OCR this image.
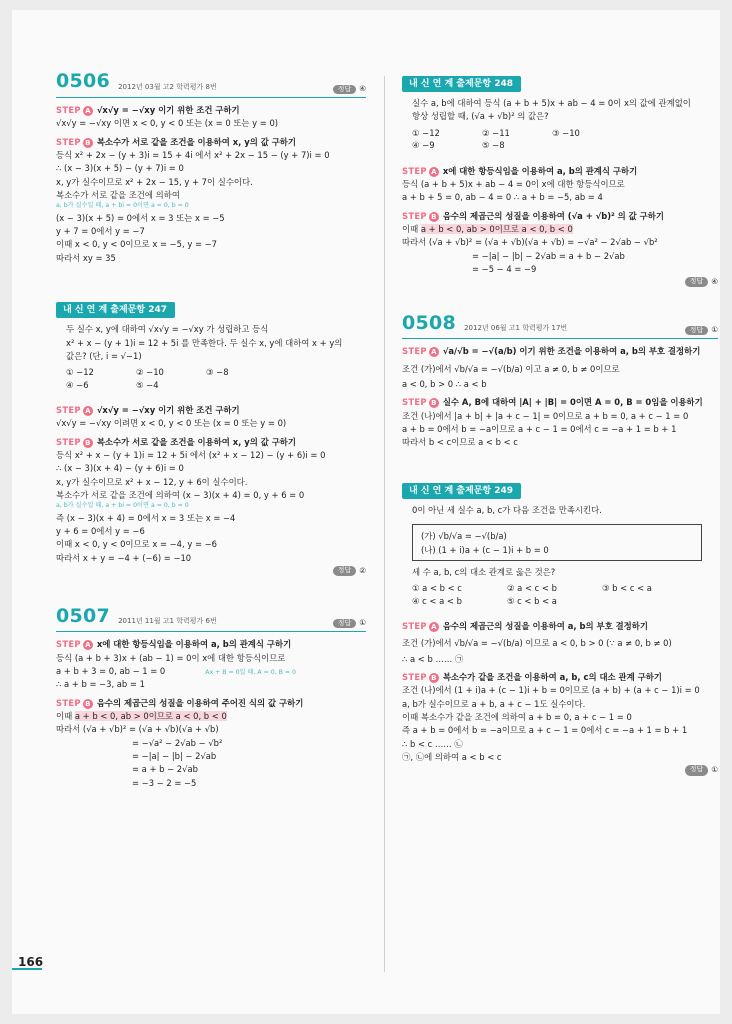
0506 2012년 03월 고2 학력평가 8번	정답 ④
STEP A √x√y = −√xy 이기 위한 조건 구하기
√x√y = −√xy 이면 x < 0, y < 0 또는 (x = 0 또는 y = 0)
STEP B 복소수가 서로 같을 조건을 이용하여 x, y의 값 구하기
등식 x² + 2x − (y + 3)i = 15 + 4i 에서 x² + 2x − 15 − (y + 7)i = 0
∴ (x − 3)(x + 5) − (y + 7)i = 0
x, y가 실수이므로 x² + 2x − 15, y + 7이 실수이다.
복소수가 서로 같을 조건에 의하여
a, b가 실수일 때, a + bi = 0이면 a = 0, b = 0
(x − 3)(x + 5) = 0에서 x = 3 또는 x = −5
y + 7 = 0에서 y = −7
이때 x < 0, y < 0이므로 x = −5, y = −7
따라서 xy = 35
내 신 연 계 출제문항 247
두 실수 x, y에 대하여 √x√y = −√xy 가 성립하고 등식
x² + x − (y + 1)i = 12 + 5i 를 만족한다. 두 실수 x, y에 대하여 x + y의
값은? (단, i = √−1)
① −12	② −10	③ −8
④ −6	⑤ −4
STEP A √x√y = −√xy 이기 위한 조건 구하기
√x√y = −√xy 이려면 x < 0, y < 0 또는 (x = 0 또는 y = 0)
STEP B 복소수가 서로 같을 조건을 이용하여 x, y의 값 구하기
등식 x² + x − (y + 1)i = 12 + 5i 에서 (x² + x − 12) − (y + 6)i = 0
∴ (x − 3)(x + 4) − (y + 6)i = 0
x, y가 실수이므로 x² + x − 12, y + 6이 실수이다.
복소수가 서로 같을 조건에 의하여 (x − 3)(x + 4) = 0, y + 6 = 0
a, b가 실수일 때, a + bi = 0이면 a = 0, b = 0
즉 (x − 3)(x + 4) = 0에서 x = 3 또는 x = −4
y + 6 = 0에서 y = −6
이때 x < 0, y < 0이므로 x = −4, y = −6
따라서 x + y = −4 + (−6) = −10
정답	②
0507 2011년 11월 고1 학력평가 6번	정답 ①
STEP A x에 대한 항등식임을 이용하여 a, b의 관계식 구하기
등식 (a + b + 3)x + (ab − 1) = 0이 x에 대한 항등식이므로
a + b + 3 = 0, ab − 1 = 0	Ax + B = 0일 때, A = 0, B = 0
∴ a + b = −3, ab = 1
STEP B 음수의 제곱근의 성질을 이용하여 주어진 식의 값 구하기
이때 a + b < 0, ab > 0이므로 a < 0, b < 0
따라서 (√a + √b)² = (√a + √b)(√a + √b)
= −√a² − 2√ab − √b²
= −|a| − |b| − 2√ab
= a + b − 2√ab
= −3 − 2 = −5
내 신 연 계 출제문항 248
실수 a, b에 대하여 등식 (a + b + 5)x + ab − 4 = 0이 x의 값에 관계없이
항상 성립할 때, (√a + √b)² 의 값은?
① −12	② −11	③ −10
④ −9	⑤ −8
STEP A x에 대한 항등식임을 이용하여 a, b의 관계식 구하기
등식 (a + b + 5)x + ab − 4 = 0이 x에 대한 항등식이므로
a + b + 5 = 0, ab − 4 = 0 ∴ a + b = −5, ab = 4
STEP B 음수의 제곱근의 성질을 이용하여 (√a + √b)² 의 값 구하기
이때 a + b < 0, ab > 0이므로 a < 0, b < 0
따라서 (√a + √b)² = (√a + √b)(√a + √b) = −√a² − 2√ab − √b²
= −|a| − |b| − 2√ab = a + b − 2√ab
= −5 − 4 = −9
정답	④
0508 2012년 06월 고1 학력평가 17번	정답 ①
STEP A √a/√b = −√(a/b) 이기 위한 조건을 이용하여 a, b의 부호 결정하기
조건 (가)에서 √b/√a = −√(b/a) 이고 a ≠ 0, b ≠ 0이므로
a < 0, b > 0 ∴ a < b
STEP B 실수 A, B에 대하여 |A| + |B| = 0이면 A = 0, B = 0임을 이용하기
조건 (나)에서 |a + b| + |a + c − 1| = 0이므로 a + b = 0, a + c − 1 = 0
a + b = 0에서 b = −a이므로 a + c − 1 = 0에서 c = −a + 1 = b + 1
따라서 b < c이므로 a < b < c
내 신 연 계 출제문항 249
0이 아닌 세 실수 a, b, c가 다음 조건을 만족시킨다.
(가) √b/√a = −√(b/a)
(나) (1 + i)a + (c − 1)i + b = 0
세 수 a, b, c의 대소 관계로 옳은 것은?
① a < b < c	② a < c < b	③ b < c < a
④ c < a < b	⑤ c < b < a
STEP A 음수의 제곱근의 성질을 이용하여 a, b의 부호 결정하기
조건 (가)에서 √b/√a = −√(b/a) 이므로 a < 0, b > 0 (∵ a ≠ 0, b ≠ 0)
∴ a < b …… ㉠
STEP B 복소수가 같을 조건을 이용하여 a, b, c의 대소 관계 구하기
조건 (나)에서 (1 + i)a + (c − 1)i + b = 0이므로 (a + b) + (a + c − 1)i = 0
a, b가 실수이므로 a + b, a + c − 1도 실수이다.
이때 복소수가 같을 조건에 의하여 a + b = 0, a + c − 1 = 0
즉 a + b = 0에서 b = −a이므로 a + c − 1 = 0에서 c = −a + 1 = b + 1
∴ b < c …… ㉡
㉠, ㉡에 의하여 a < b < c
정답	①
166
